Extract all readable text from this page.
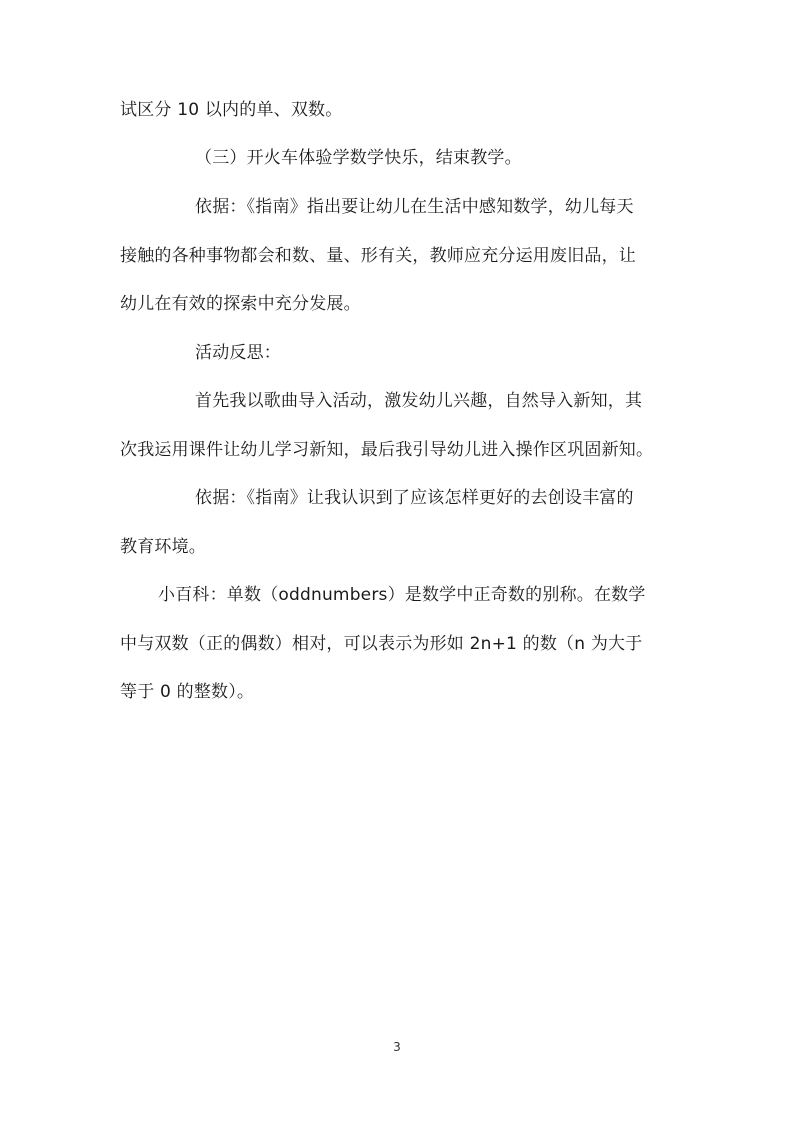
试区分 10 以内的单、双数。
（三）开火车体验学数学快乐，结束教学。
依据：《指南》指出要让幼儿在生活中感知数学，幼儿每天
接触的各种事物都会和数、量、形有关，教师应充分运用废旧品，让
幼儿在有效的探索中充分发展。
活动反思：
首先我以歌曲导入活动，激发幼儿兴趣，自然导入新知，其
次我运用课件让幼儿学习新知，最后我引导幼儿进入操作区巩固新知。
依据：《指南》让我认识到了应该怎样更好的去创设丰富的
教育环境。
小百科：单数（oddnumbers）是数学中正奇数的别称。在数学
中与双数（正的偶数）相对，可以表示为形如 2n+1 的数（n 为大于
等于 0 的整数）。
3
